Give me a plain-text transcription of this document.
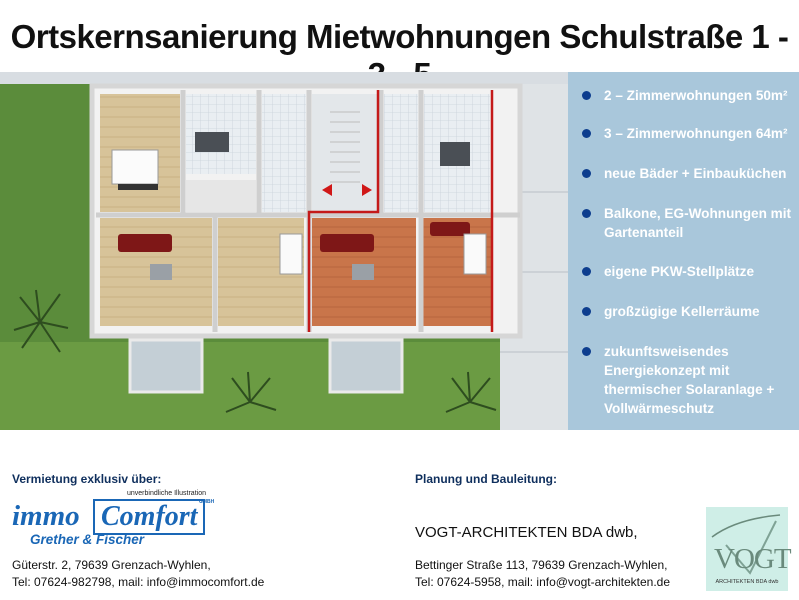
Ortskernsanierung Mietwohnungen Schulstraße 1 -
unverbindliche Illustration
2 – Zimmerwohnungen 50m²
3 – Zimmerwohnungen 64m²
neue Bäder + Einbauküchen
Balkone, EG-Wohnungen mit Gartenanteil
eigene PKW-Stellplätze
großzügige Kellerräume
zukunftsweisendes Energiekonzept mit thermischer Solaranlage + Vollwärmeschutz
Vermietung exklusiv über:
immo Comfort GMBH
Grether & Fischer
Güterstr. 2, 79639 Grenzach-Wyhlen,
Tel: 07624-982798, mail: info@immocomfort.de
Planung und Bauleitung:
VOGT-ARCHITEKTEN BDA dwb,
Bettinger Straße 113, 79639 Grenzach-Wyhlen,
Tel: 07624-5958, mail: info@vogt-architekten.de
VOGT
ARCHITEKTEN BDA dwb
